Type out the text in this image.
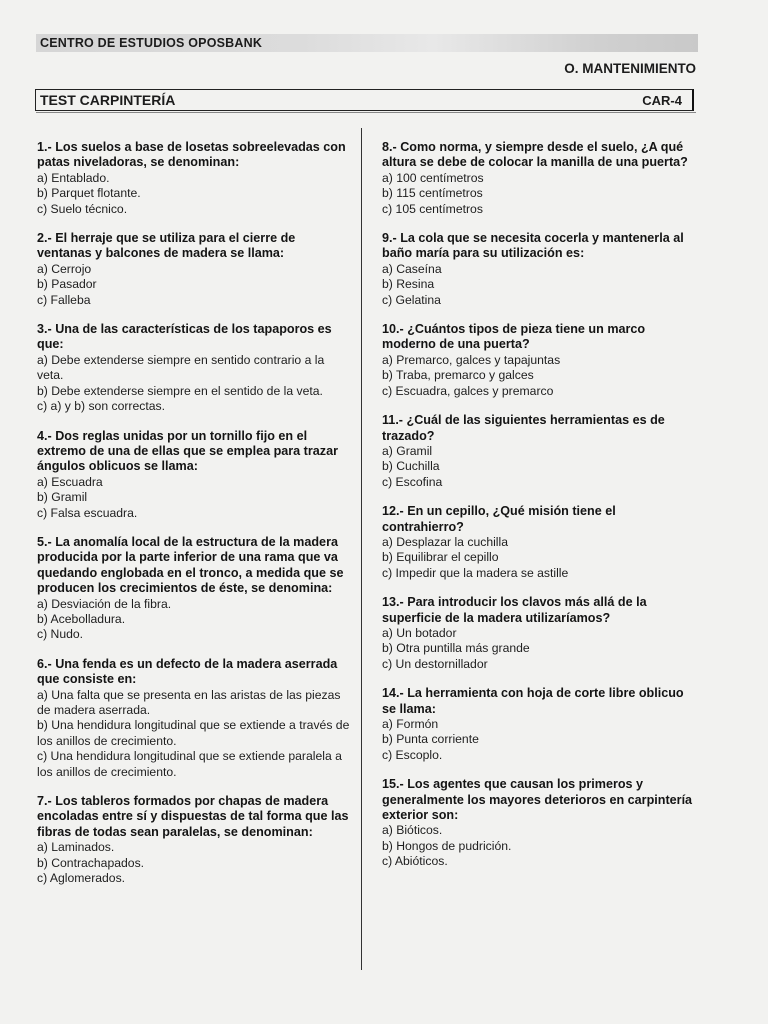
CENTRO DE ESTUDIOS OPOSBANK
O. MANTENIMIENTO
TEST CARPINTERÍA	CAR-4
1.- Los suelos a base de losetas sobreelevadas con patas niveladoras, se denominan:
a) Entablado.
b) Parquet flotante.
c) Suelo técnico.
2.- El herraje que se utiliza para el cierre de ventanas y balcones de madera se llama:
a) Cerrojo
b) Pasador
c) Falleba
3.- Una de las características de los tapaporos es que:
a) Debe extenderse siempre en sentido contrario a la veta.
b) Debe extenderse siempre en el sentido de la veta.
c) a) y b) son correctas.
4.- Dos reglas unidas por un tornillo fijo en el extremo de una de ellas que se emplea para trazar ángulos oblicuos se llama:
a) Escuadra
b) Gramil
c) Falsa escuadra.
5.- La anomalía local de la estructura de la madera producida por la parte inferior de una rama que va quedando englobada en el tronco, a medida que se producen los crecimientos de éste, se denomina:
a) Desviación de la fibra.
b) Acebolladura.
c) Nudo.
6.- Una fenda es un defecto de la madera aserrada que consiste en:
a) Una falta que se presenta en las aristas de las piezas de madera aserrada.
b) Una hendidura longitudinal que se extiende a través de los anillos de crecimiento.
c) Una hendidura longitudinal que se extiende paralela a los anillos de crecimiento.
7.- Los tableros formados por chapas de madera encoladas entre sí y dispuestas de tal forma que las fibras de todas sean paralelas, se denominan:
a) Laminados.
b) Contrachapados.
c) Aglomerados.
8.- Como norma, y siempre desde el suelo, ¿A qué altura se debe de colocar la manilla de una puerta?
a) 100 centímetros
b) 115 centímetros
c) 105 centímetros
9.- La cola que se necesita cocerla y mantenerla al baño maría para su utilización es:
a) Caseína
b) Resina
c) Gelatina
10.- ¿Cuántos tipos de pieza tiene un marco moderno de una puerta?
a) Premarco, galces y tapajuntas
b) Traba, premarco y galces
c) Escuadra, galces y premarco
11.- ¿Cuál de las siguientes herramientas es de trazado?
a) Gramil
b) Cuchilla
c) Escofina
12.- En un cepillo, ¿Qué misión tiene el contrahierro?
a) Desplazar la cuchilla
b) Equilibrar el cepillo
c) Impedir que la madera se astille
13.- Para introducir los clavos más allá de la superficie de la madera utilizaríamos?
a) Un botador
b) Otra puntilla más grande
c) Un destornillador
14.- La herramienta con hoja de corte libre oblicuo se llama:
a) Formón
b) Punta corriente
c) Escoplo.
15.- Los agentes que causan los primeros y generalmente los mayores deterioros en carpintería exterior son:
a) Bióticos.
b) Hongos de pudrición.
c) Abióticos.
